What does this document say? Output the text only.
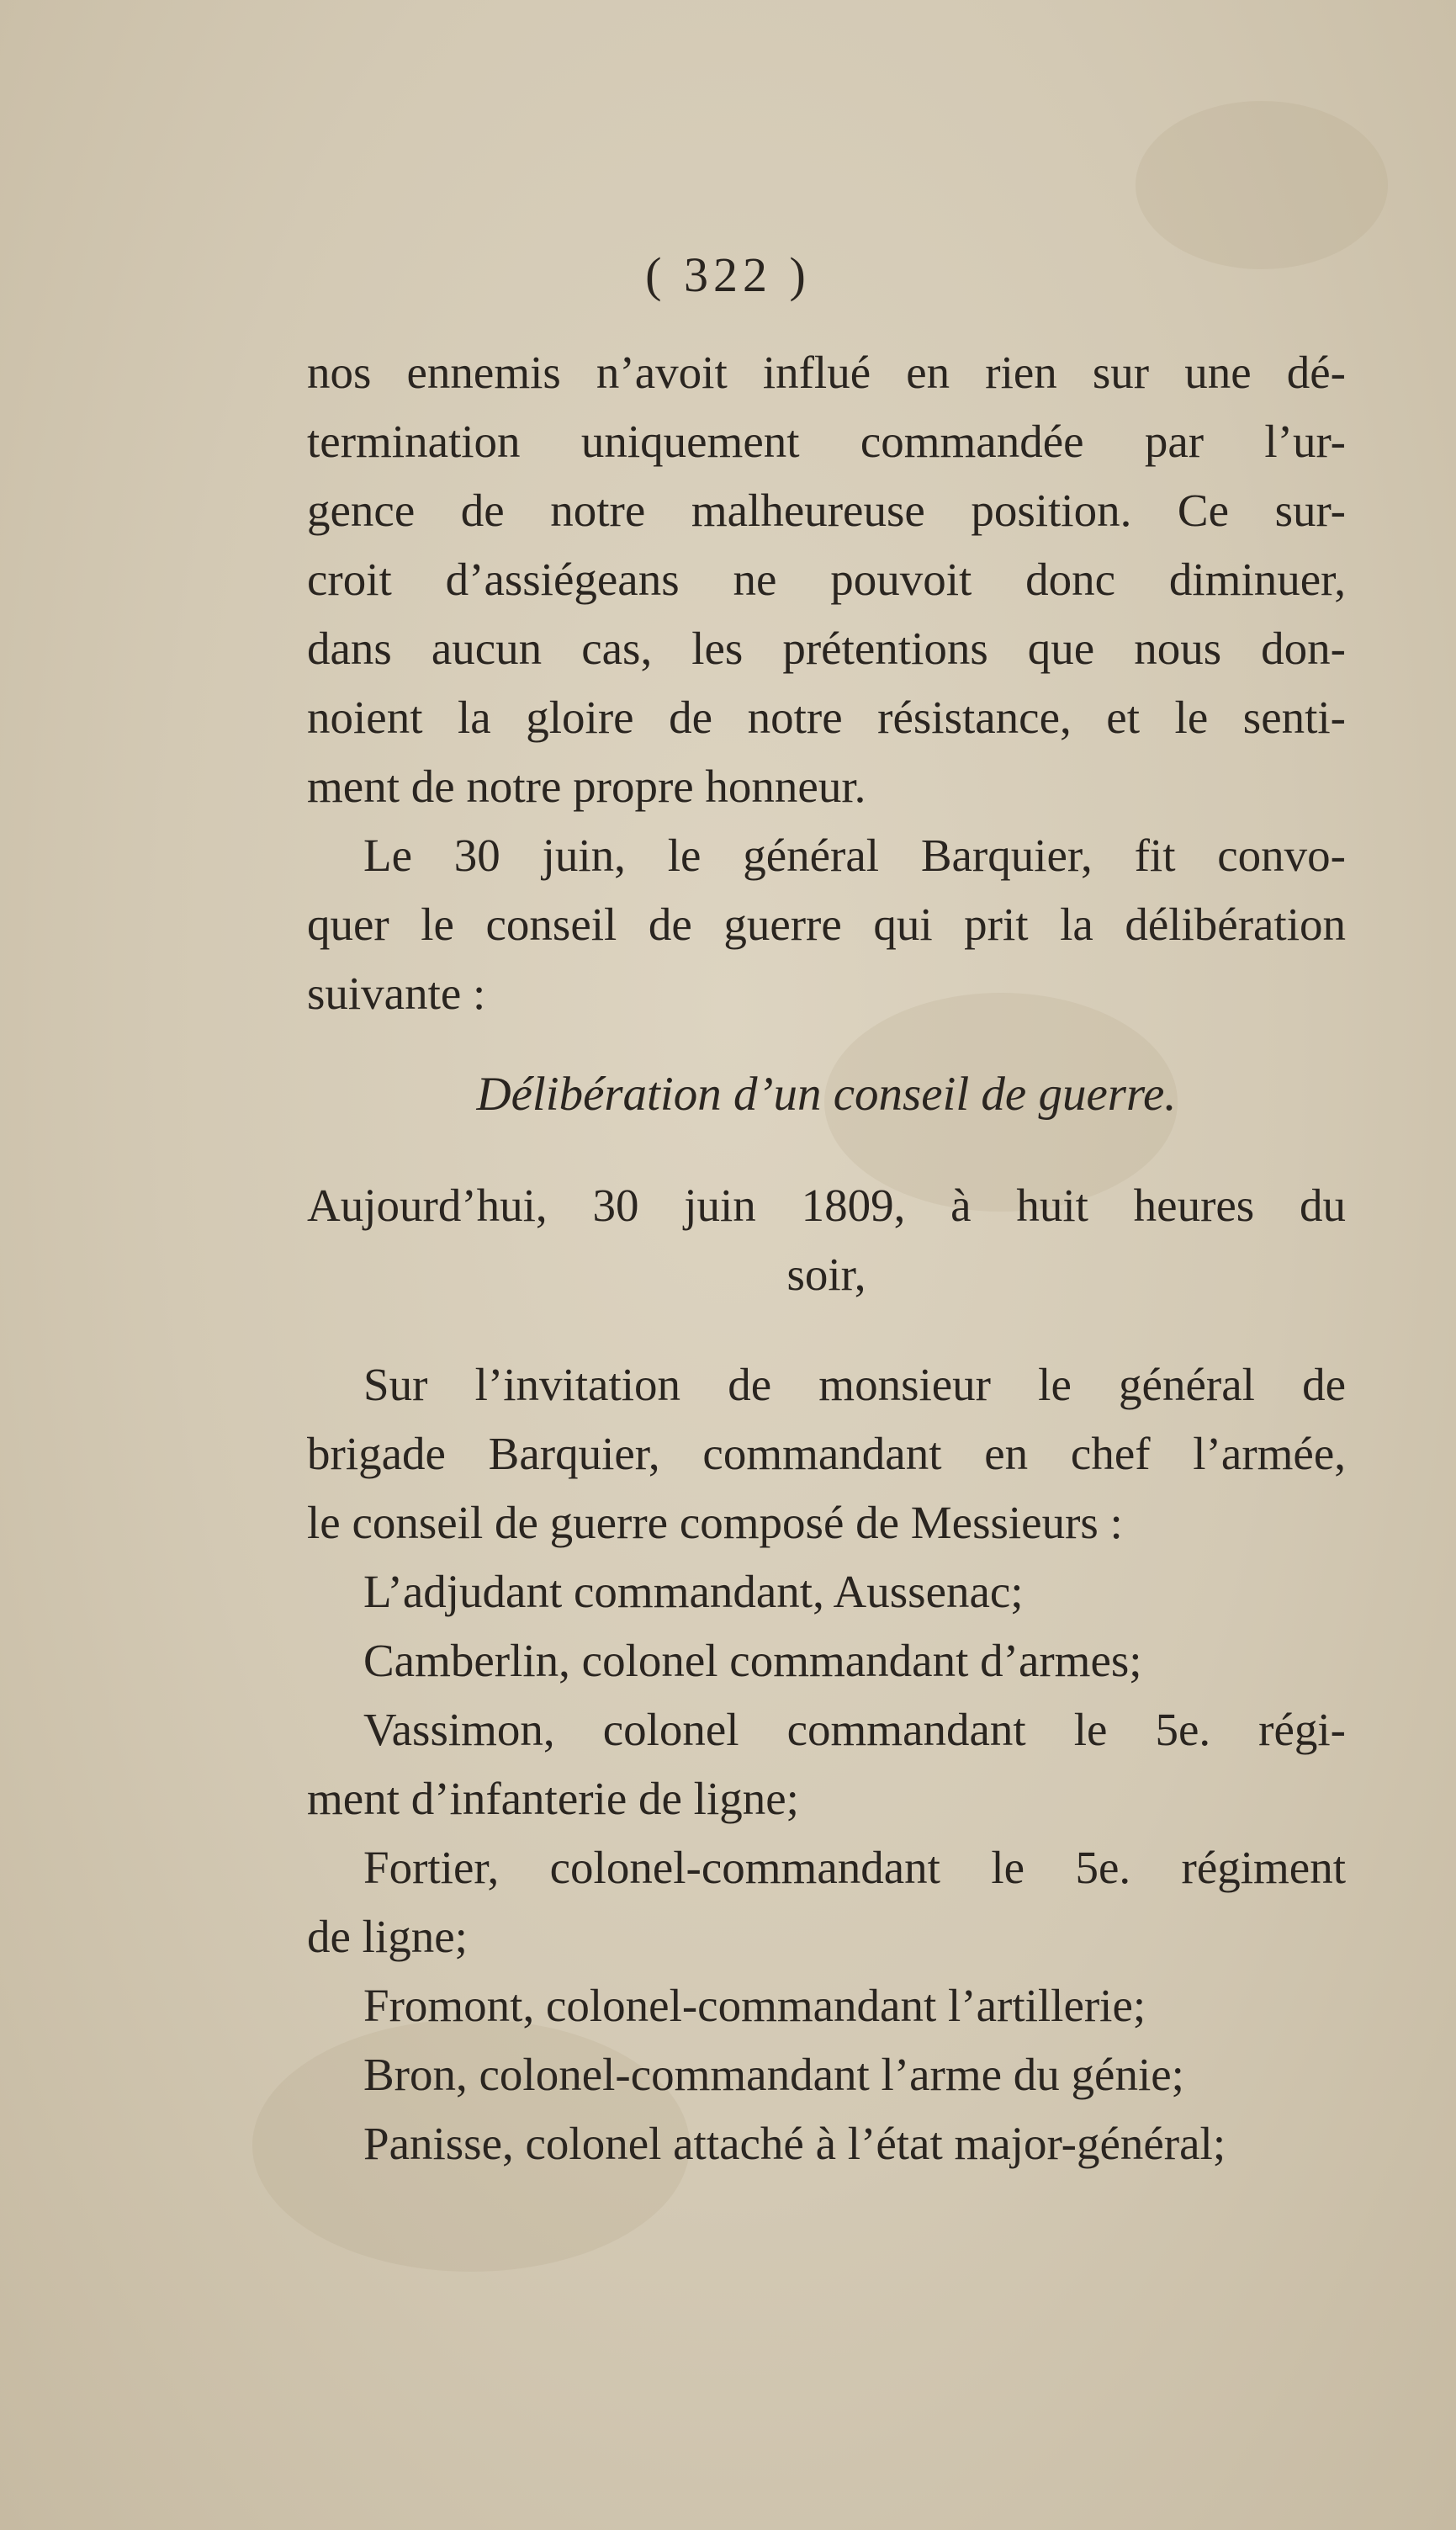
( 322 )
nos ennemis n’avoit influé en rien sur une dé-
termination uniquement commandée par l’ur-
gence de notre malheureuse position. Ce sur-
croit d’assiégeans ne pouvoit donc diminuer,
dans aucun cas, les prétentions que nous don-
noient la gloire de notre résistance, et le senti-
ment de notre propre honneur.
Le 30 juin, le général Barquier, fit convo-
quer le conseil de guerre qui prit la délibération
suivante :
Délibération d’un conseil de guerre.
Aujourd’hui, 30 juin 1809, à huit heures du
soir,
Sur l’invitation de monsieur le général de
brigade Barquier, commandant en chef l’armée,
le conseil de guerre composé de Messieurs :
L’adjudant commandant, Aussenac;
Camberlin, colonel commandant d’armes;
Vassimon, colonel commandant le 5e. régi-
ment d’infanterie de ligne;
Fortier, colonel-commandant le 5e. régiment
de ligne;
Fromont, colonel-commandant l’artillerie;
Bron, colonel-commandant l’arme du génie;
Panisse, colonel attaché à l’état major-général;
